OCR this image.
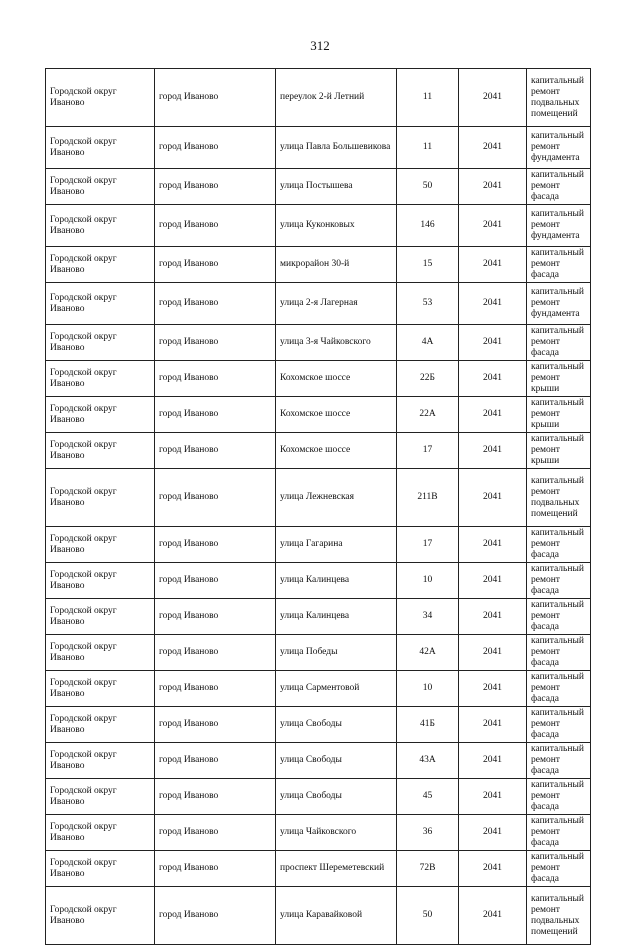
312
Городской округ Иваново	город Иваново	переулок 2-й Летний	11	2041	капитальный ремонт подвальных помещений
Городской округ Иваново	город Иваново	улица Павла Большевикова	11	2041	капитальный ремонт фундамента
Городской округ Иваново	город Иваново	улица Постышева	50	2041	капитальный ремонт фасада
Городской округ Иваново	город Иваново	улица Куконковых	146	2041	капитальный ремонт фундамента
Городской округ Иваново	город Иваново	микрорайон 30-й	15	2041	капитальный ремонт фасада
Городской округ Иваново	город Иваново	улица 2-я Лагерная	53	2041	капитальный ремонт фундамента
Городской округ Иваново	город Иваново	улица 3-я Чайковского	4А	2041	капитальный ремонт фасада
Городской округ Иваново	город Иваново	Кохомское шоссе	22Б	2041	капитальный ремонт крыши
Городской округ Иваново	город Иваново	Кохомское шоссе	22А	2041	капитальный ремонт крыши
Городской округ Иваново	город Иваново	Кохомское шоссе	17	2041	капитальный ремонт крыши
Городской округ Иваново	город Иваново	улица Лежневская	211В	2041	капитальный ремонт подвальных помещений
Городской округ Иваново	город Иваново	улица Гагарина	17	2041	капитальный ремонт фасада
Городской округ Иваново	город Иваново	улица Калинцева	10	2041	капитальный ремонт фасада
Городской округ Иваново	город Иваново	улица Калинцева	34	2041	капитальный ремонт фасада
Городской округ Иваново	город Иваново	улица Победы	42А	2041	капитальный ремонт фасада
Городской округ Иваново	город Иваново	улица Сарментовой	10	2041	капитальный ремонт фасада
Городской округ Иваново	город Иваново	улица Свободы	41Б	2041	капитальный ремонт фасада
Городской округ Иваново	город Иваново	улица Свободы	43А	2041	капитальный ремонт фасада
Городской округ Иваново	город Иваново	улица Свободы	45	2041	капитальный ремонт фасада
Городской округ Иваново	город Иваново	улица Чайковского	36	2041	капитальный ремонт фасада
Городской округ Иваново	город Иваново	проспект Шереметевский	72В	2041	капитальный ремонт фасада
Городской округ Иваново	город Иваново	улица Каравайковой	50	2041	капитальный ремонт подвальных помещений
